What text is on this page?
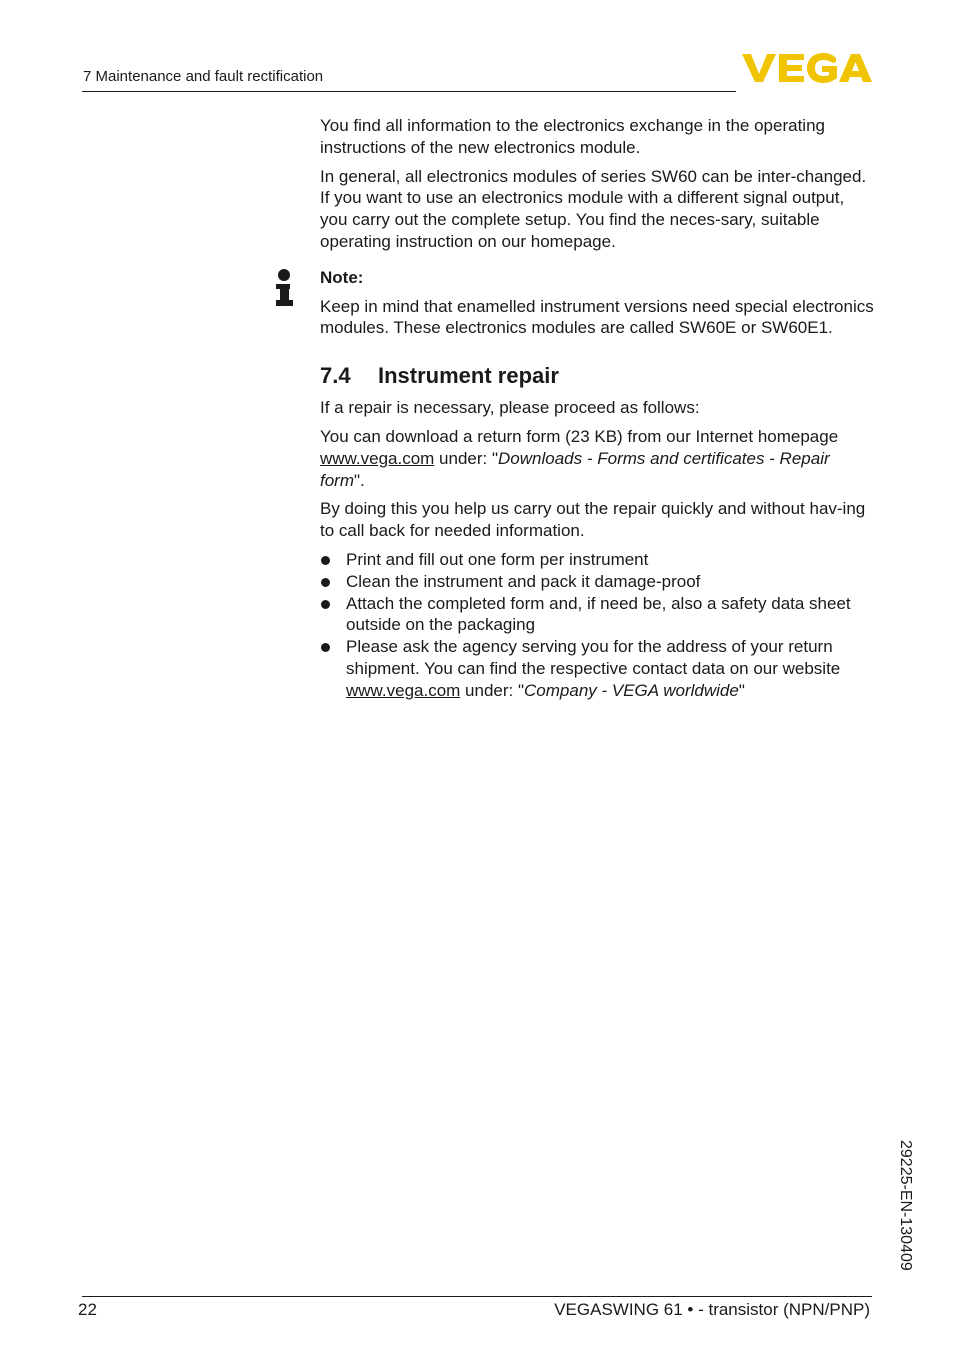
7 Maintenance and fault rectification

You find all information to the electronics exchange in the operating instructions of the new electronics module.

In general, all electronics modules of series SW60 can be inter-changed. If you want to use an electronics module with a different signal output, you carry out the complete setup. You find the neces-sary, suitable operating instruction on our homepage.

Note:

Keep in mind that enamelled instrument versions need special electronics modules. These electronics modules are called SW60E or SW60E1.

7.4 Instrument repair

If a repair is necessary, please proceed as follows:

You can download a return form (23 KB) from our Internet homepage www.vega.com under: "Downloads - Forms and certificates - Repair form".

By doing this you help us carry out the repair quickly and without hav-ing to call back for needed information.

Print and fill out one form per instrument
Clean the instrument and pack it damage-proof
Attach the completed form and, if need be, also a safety data sheet outside on the packaging
Please ask the agency serving you for the address of your return shipment. You can find the respective contact data on our website www.vega.com under: "Company - VEGA worldwide"
29225-EN-130409
22	VEGASWING 61 • - transistor (NPN/PNP)
